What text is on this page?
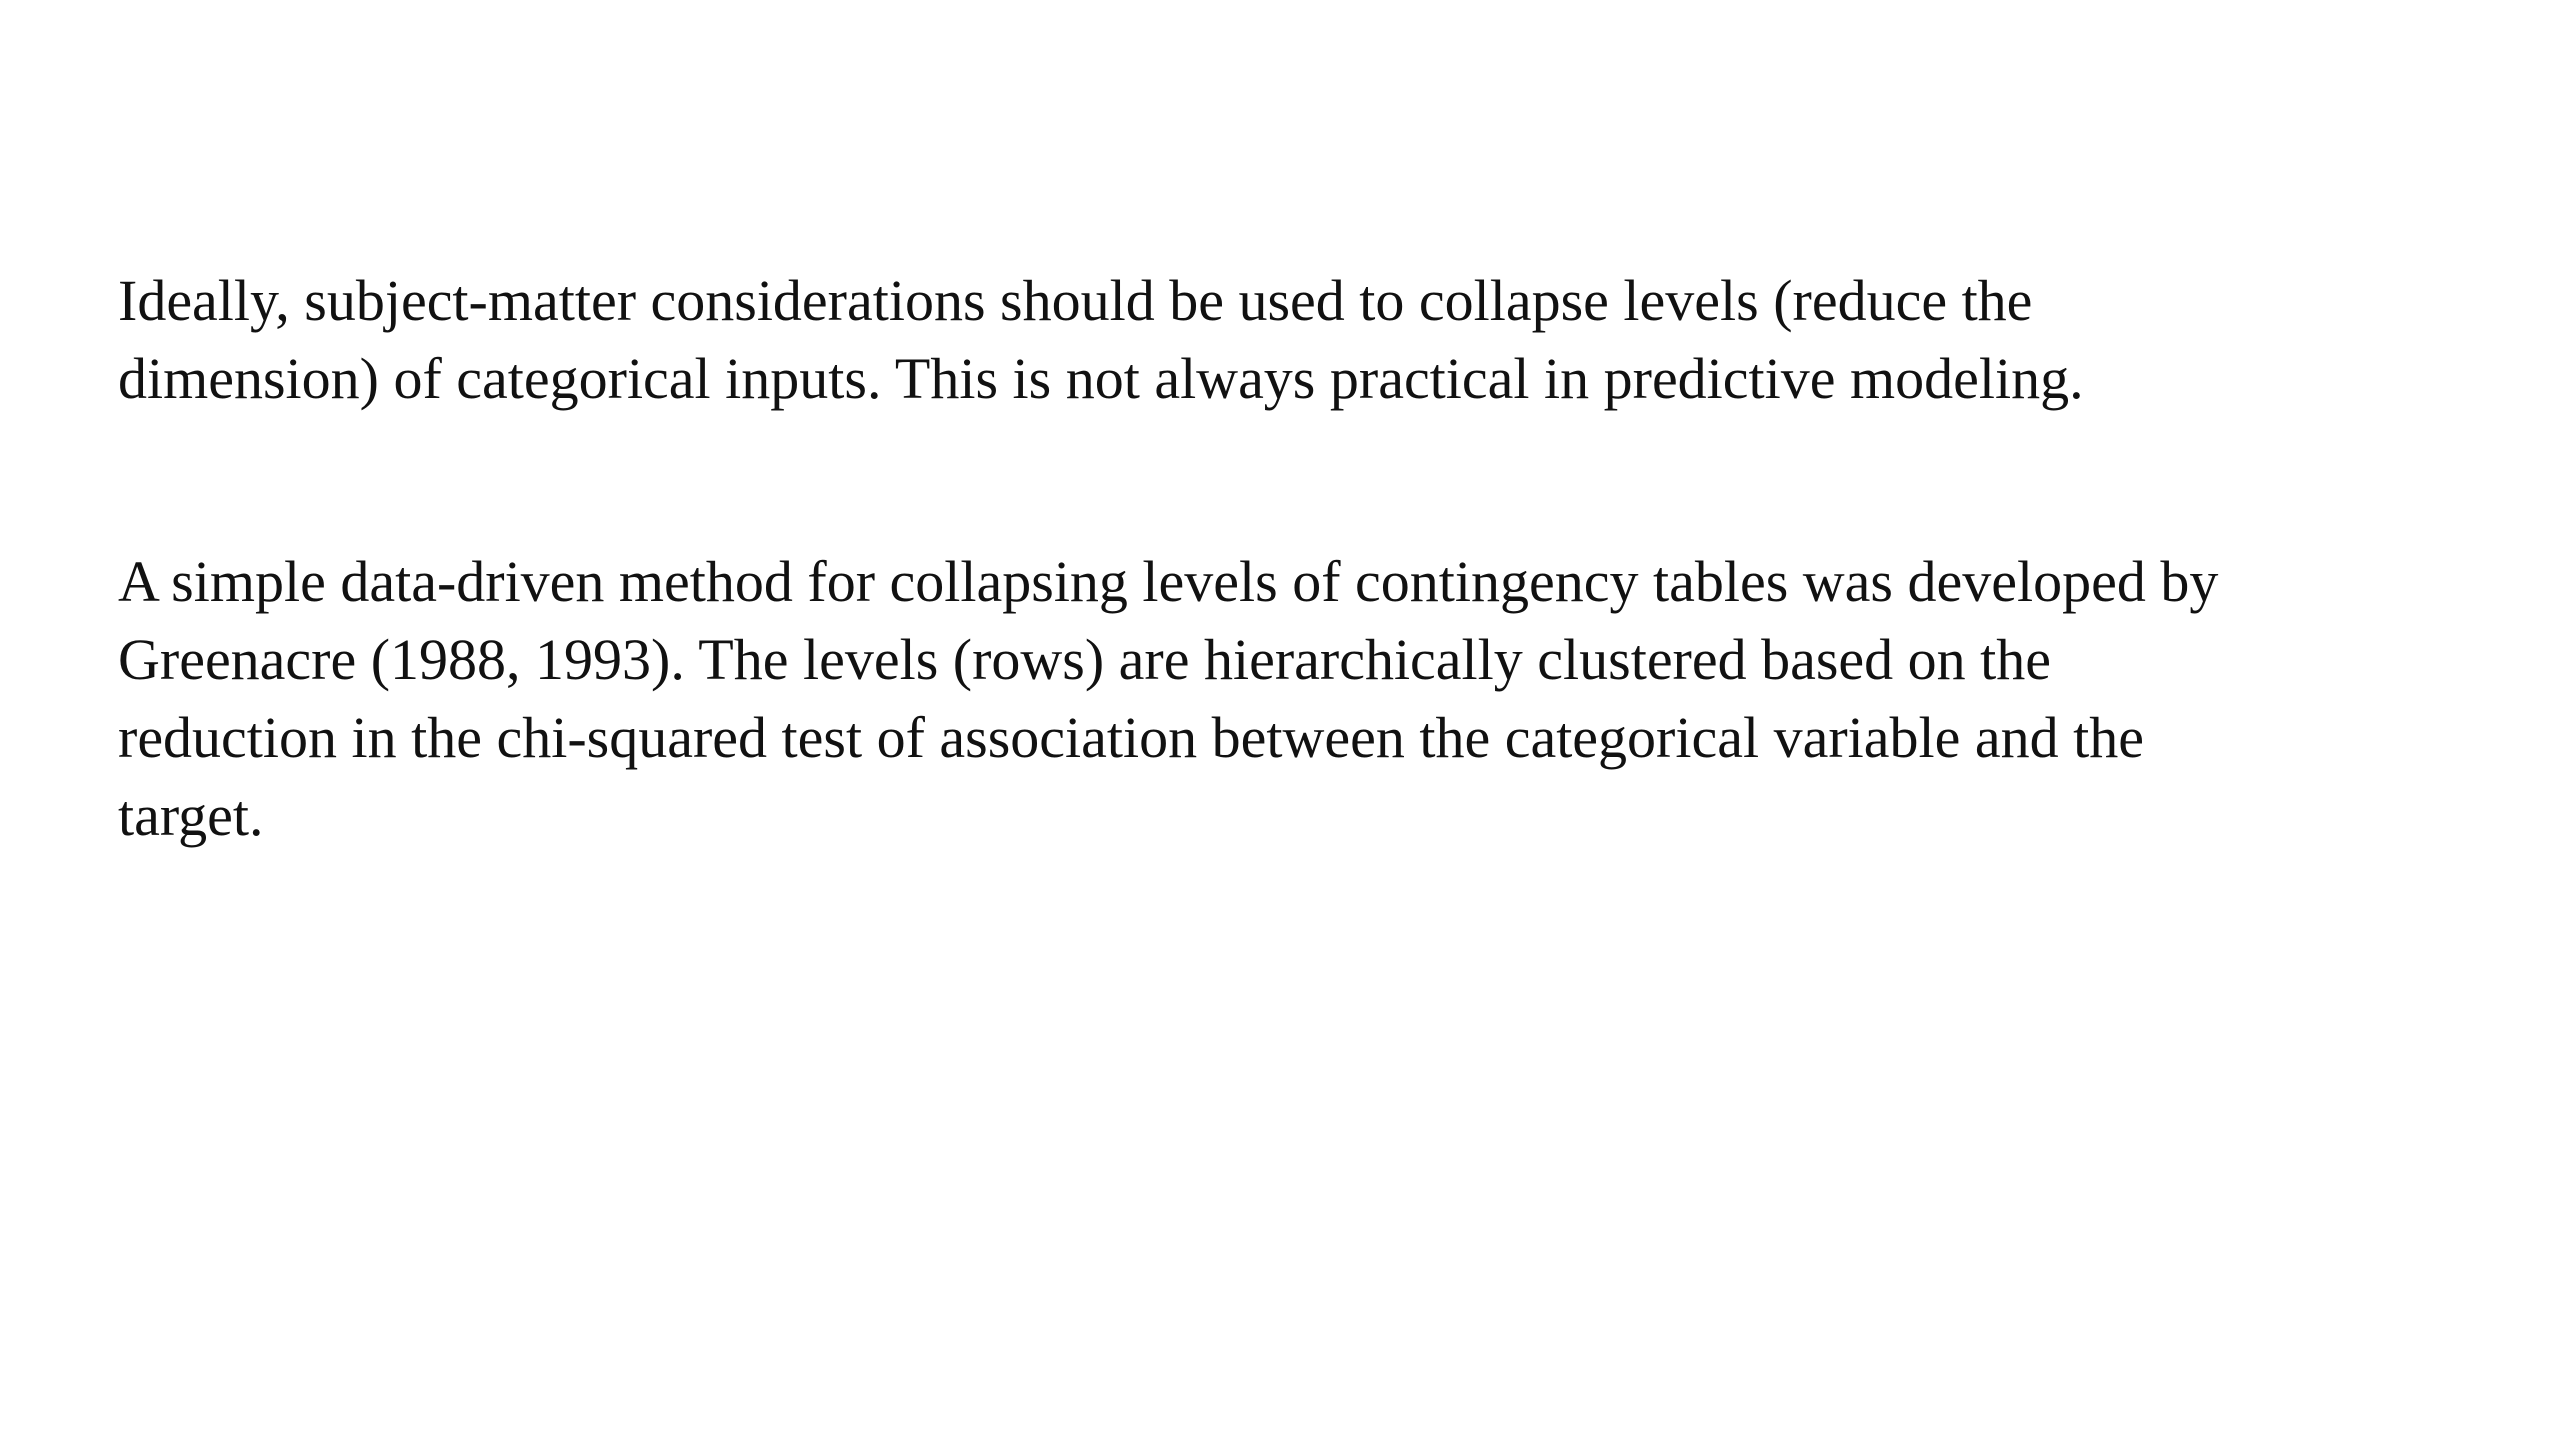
Ideally, subject-matter considerations should be used to collapse levels (reduce the
dimension) of categorical inputs. This is not always practical in predictive modeling.

A simple data-driven method for collapsing levels of contingency tables was developed by
Greenacre (1988, 1993). The levels (rows) are hierarchically clustered based on the
reduction in the chi-squared test of association between the categorical variable and the
target.
